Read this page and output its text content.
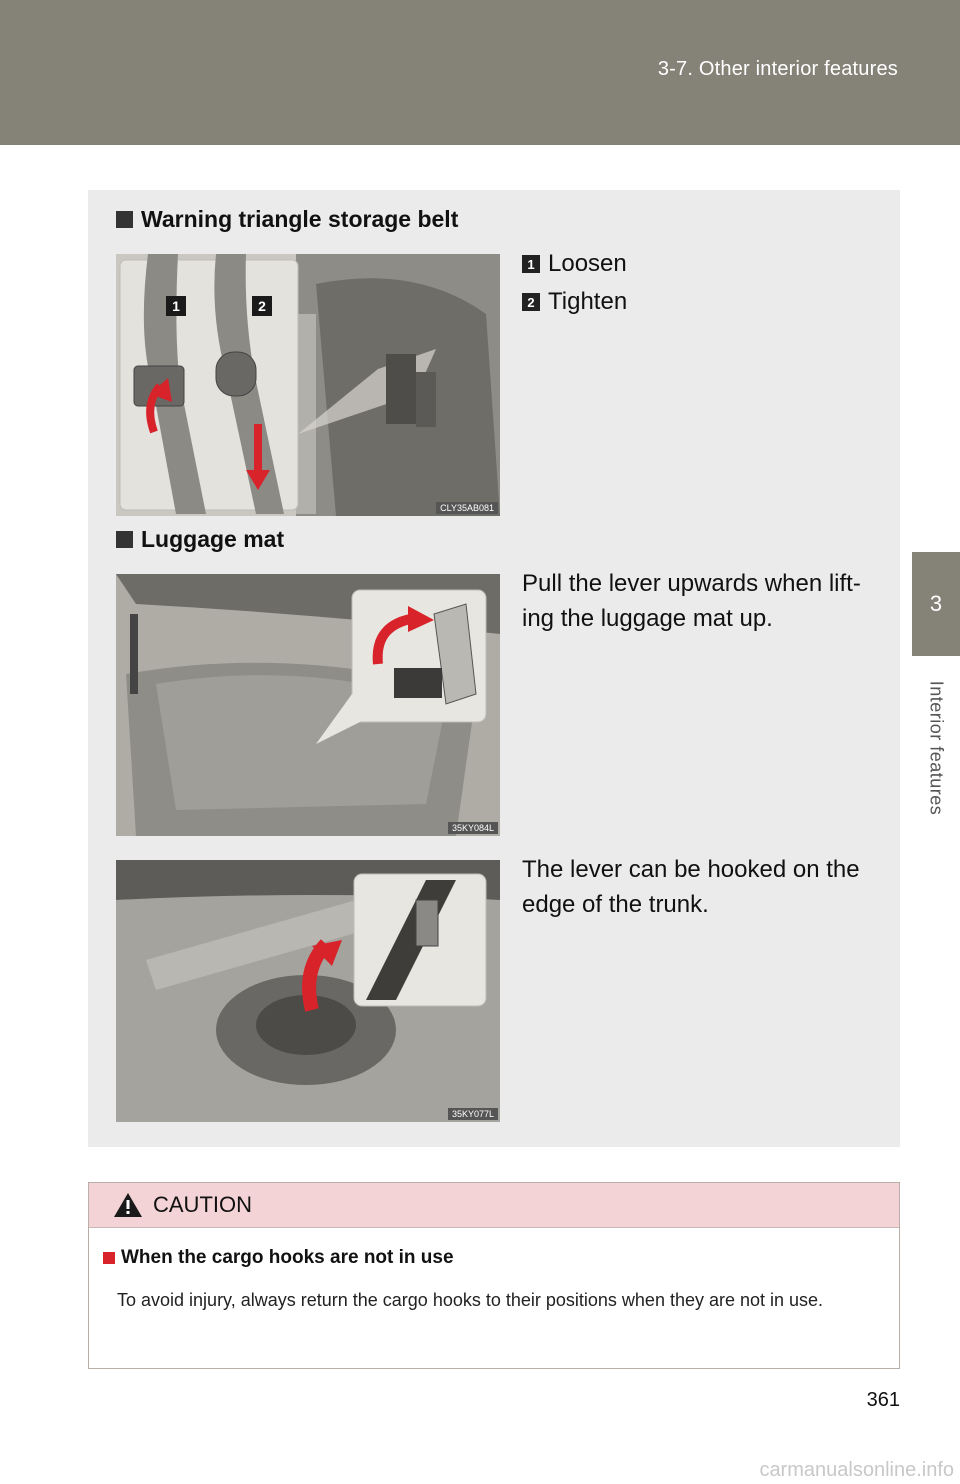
3-7. Other interior features
3
Interior features
Warning triangle storage belt
1	2
CLY35AB081
1 Loosen
2 Tighten
Luggage mat
35KY084L
Pull the lever upwards when lift-
ing the luggage mat up.
35KY077L
The lever can be hooked on the
edge of the trunk.
CAUTION
When the cargo hooks are not in use
To avoid injury, always return the cargo hooks to their positions when they are not in use.
361
carmanualsonline.info
